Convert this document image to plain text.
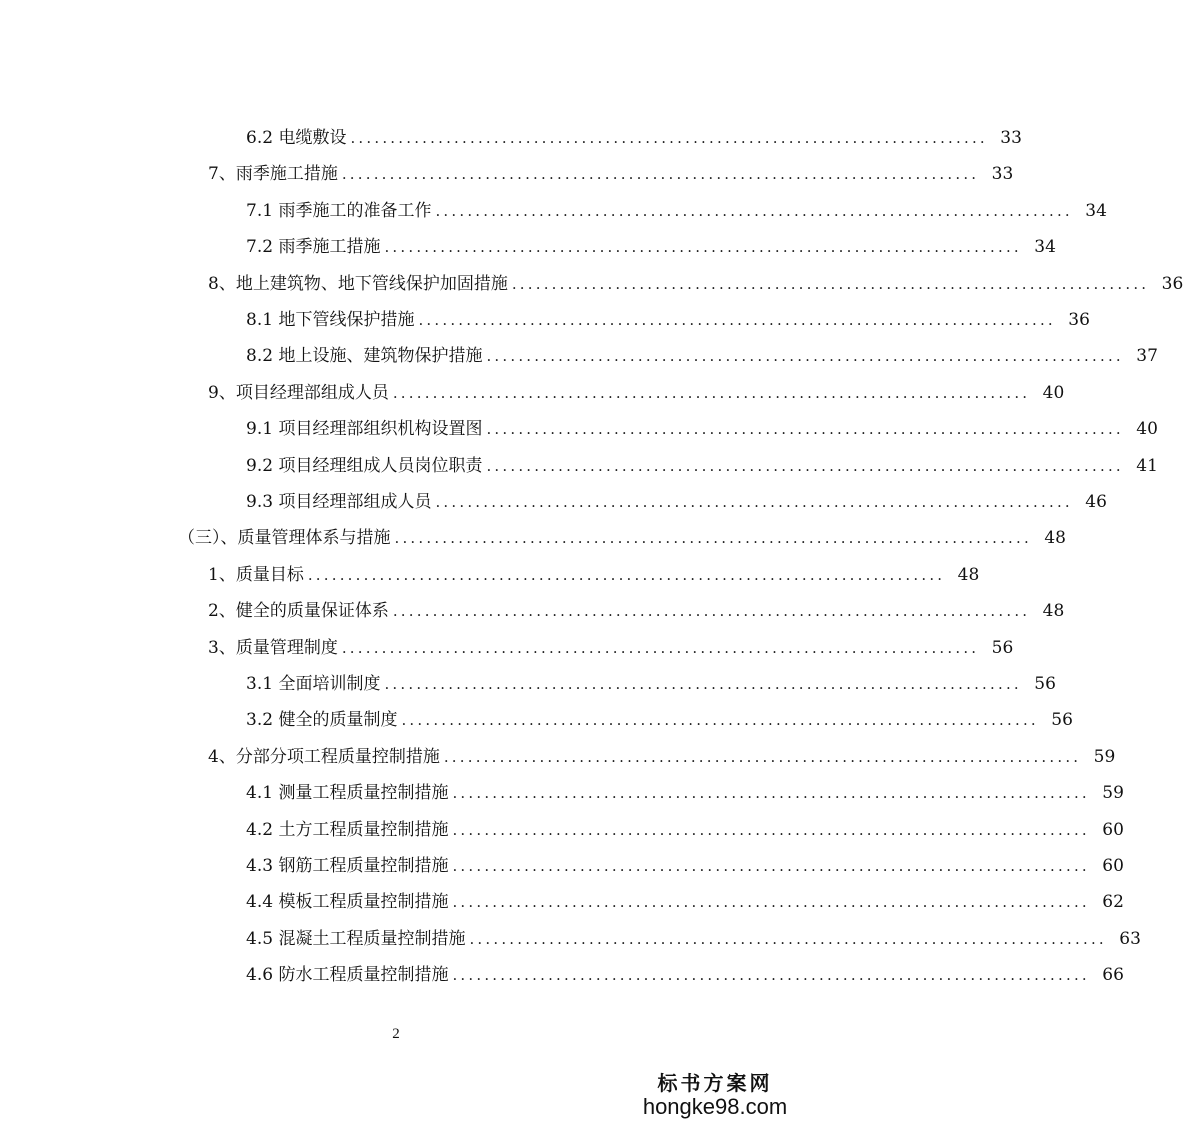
6.2 电缆敷设 ................................................................................ 33
7、雨季施工措施 ................................................................................ 33
7.1 雨季施工的准备工作 ................................................................................ 34
7.2 雨季施工措施 ................................................................................ 34
8、地上建筑物、地下管线保护加固措施 ................................................................................ 36
8.1 地下管线保护措施 ................................................................................ 36
8.2 地上设施、建筑物保护措施 ................................................................................ 37
9、项目经理部组成人员 ................................................................................ 40
9.1 项目经理部组织机构设置图 ................................................................................ 40
9.2 项目经理组成人员岗位职责 ................................................................................ 41
9.3 项目经理部组成人员 ................................................................................ 46
（三）、质量管理体系与措施 ................................................................................ 48
1、质量目标 ................................................................................ 48
2、健全的质量保证体系 ................................................................................ 48
3、质量管理制度 ................................................................................ 56
3.1 全面培训制度 ................................................................................ 56
3.2 健全的质量制度 ................................................................................ 56
4、分部分项工程质量控制措施 ................................................................................ 59
4.1 测量工程质量控制措施 ................................................................................ 59
4.2 土方工程质量控制措施 ................................................................................ 60
4.3 钢筋工程质量控制措施 ................................................................................ 60
4.4 模板工程质量控制措施 ................................................................................ 62
4.5 混凝土工程质量控制措施 ................................................................................ 63
4.6 防水工程质量控制措施 ................................................................................ 66
2
标书方案网
hongke98.com
